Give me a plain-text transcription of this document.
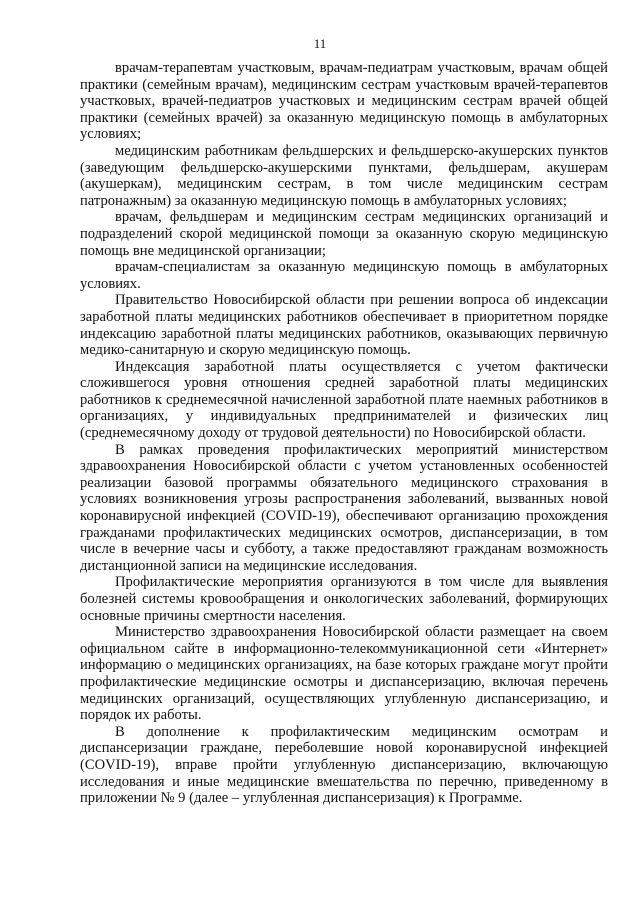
11

врачам-терапевтам участковым, врачам-педиатрам участковым, врачам общей практики (семейным врачам), медицинским сестрам участковым врачей-терапевтов участковых, врачей-педиатров участковых и медицинским сестрам врачей общей практики (семейных врачей) за оказанную медицинскую помощь в амбулаторных условиях;

медицинским работникам фельдшерских и фельдшерско-акушерских пунктов (заведующим фельдшерско-акушерскими пунктами, фельдшерам, акушерам (акушеркам), медицинским сестрам, в том числе медицинским сестрам патронажным) за оказанную медицинскую помощь в амбулаторных условиях;

врачам, фельдшерам и медицинским сестрам медицинских организаций и подразделений скорой медицинской помощи за оказанную скорую медицинскую помощь вне медицинской организации;

врачам-специалистам за оказанную медицинскую помощь в амбулаторных условиях.

Правительство Новосибирской области при решении вопроса об индексации заработной платы медицинских работников обеспечивает в приоритетном порядке индексацию заработной платы медицинских работников, оказывающих первичную медико-санитарную и скорую медицинскую помощь.

Индексация заработной платы осуществляется с учетом фактически сложившегося уровня отношения средней заработной платы медицинских работников к среднемесячной начисленной заработной плате наемных работников в организациях, у индивидуальных предпринимателей и физических лиц (среднемесячному доходу от трудовой деятельности) по Новосибирской области.

В рамках проведения профилактических мероприятий министерством здравоохранения Новосибирской области с учетом установленных особенностей реализации базовой программы обязательного медицинского страхования в условиях возникновения угрозы распространения заболеваний, вызванных новой коронавирусной инфекцией (COVID-19), обеспечивают организацию прохождения гражданами профилактических медицинских осмотров, диспансеризации, в том числе в вечерние часы и субботу, а также предоставляют гражданам возможность дистанционной записи на медицинские исследования.

Профилактические мероприятия организуются в том числе для выявления болезней системы кровообращения и онкологических заболеваний, формирующих основные причины смертности населения.

Министерство здравоохранения Новосибирской области размещает на своем официальном сайте в информационно-телекоммуникационной сети «Интернет» информацию о медицинских организациях, на базе которых граждане могут пройти профилактические медицинские осмотры и диспансеризацию, включая перечень медицинских организаций, осуществляющих углубленную диспансеризацию, и порядок их работы.

В дополнение к профилактическим медицинским осмотрам и диспансеризации граждане, переболевшие новой коронавирусной инфекцией (COVID-19), вправе пройти углубленную диспансеризацию, включающую исследования и иные медицинские вмешательства по перечню, приведенному в приложении № 9 (далее – углубленная диспансеризация) к Программе.
